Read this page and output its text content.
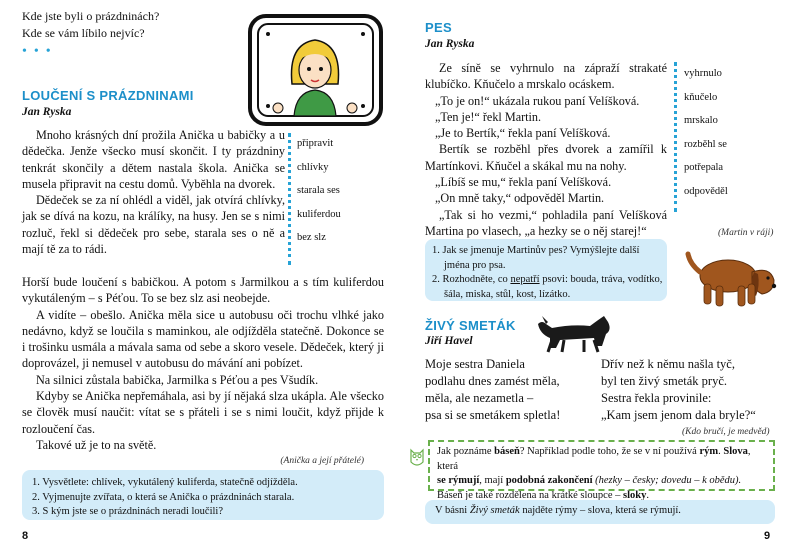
Kde jste byli o prázdninách?
Kde se vám líbilo nejvíc?
•••
LOUČENÍ S PRÁZDNINAMI
Jan Ryska

Mnoho krásných dní prožila Anička u babičky a u dědečka. Jenže všecko musí skončit. I ty prázdniny tenkrát skončily a dětem nastala škola. Anička se musela připravit na cestu domů. Vyběhla na dvorek.

Dědeček se za ní ohlédl a viděl, jak otvírá chlívky, jak se dívá na kozu, na králíky, na husy. Jen se s nimi rozluč, řekl si dědeček pro sebe, starala ses o ně a mají tě za to rádi.

Horší bude loučení s babičkou. A potom s Jarmilkou a s tím kuliferdou vykutáleným – s Péťou. To se bez slz asi neobejde.

A vidíte – obešlo. Anička měla sice u autobusu oči trochu vlhké jako nedávno, když se loučila s maminkou, ale odjížděla statečně. Dokonce se i trošinku usmála a mávala sama od sebe a skoro vesele. Dědeček, který ji doprovázel, ji nemusel v autobusu do mávání ani pobízet.

Na silnici zůstala babička, Jarmilka s Péťou a pes Všudík.

Kdyby se Anička nepřemáhala, asi by jí nějaká slza ukápla. Ale všecko se člověk musí naučit: vítat se s přáteli i se s nimi loučit, když přijde k rozloučení čas.

Takové už je to na světě.

připravit
chlívky
starala ses
kuliferdou
bez slz
(Anička a její přátelé)
1. Vysvětlete: chlívek, vykutálený kuliferda, statečně odjížděla.
2. Vyjmenujte zvířata, o která se Anička o prázdninách starala.
3. S kým jste se o prázdninách neradi loučili?
8
PES
Jan Ryska

Ze síně se vyhrnulo na zápraží strakaté klubíčko. Kňučelo a mrskalo ocáskem.

„To je on!“ ukázala rukou paní Velíšková.

„Ten je!“ řekl Martin.

„Je to Bertík,“ řekla paní Velíšková.

Bertík se rozběhl přes dvorek a zamířil k Martínkovi. Kňučel a skákal mu na nohy.

„Líbíš se mu,“ řekla paní Velíšková.

„On mně taky,“ odpověděl Martin.

„Tak si ho vezmi,“ pohladila paní Velíšková Martina po vlasech, „a hezky se o něj starej!“

vyhrnulo
kňučelo
mrskalo
rozběhl se
potřepala
odpověděl
1. Jak se jmenuje Martinův pes? Vymýšlejte další
jména pro psa.
2. Rozhodněte, co nepatří psovi: bouda, tráva, vodítko,
šála, miska, stůl, kost, lízátko.
(Martin v ráji)
ŽIVÝ SMETÁK
Jiří Havel
Moje sestra Daniela
podlahu dnes zamést měla,
měla, ale nezametla –
psa si se smetákem spletla!
Dřív než k němu našla tyč,
byl ten živý smeták pryč.
Sestra řekla provinile:
„Kam jsem jenom dala bryle?“
(Kdo bručí, je medvěd)
Jak poznáme báseň? Například podle toho, že se v ní používá rým. Slova, která
se rýmují, mají podobná zakončení (hezky – česky; dovedu – k obědu).
Báseň je také rozdělena na krátké sloupce – sloky.
V básni Živý smeták najděte rýmy – slova, která se rýmují.
9
